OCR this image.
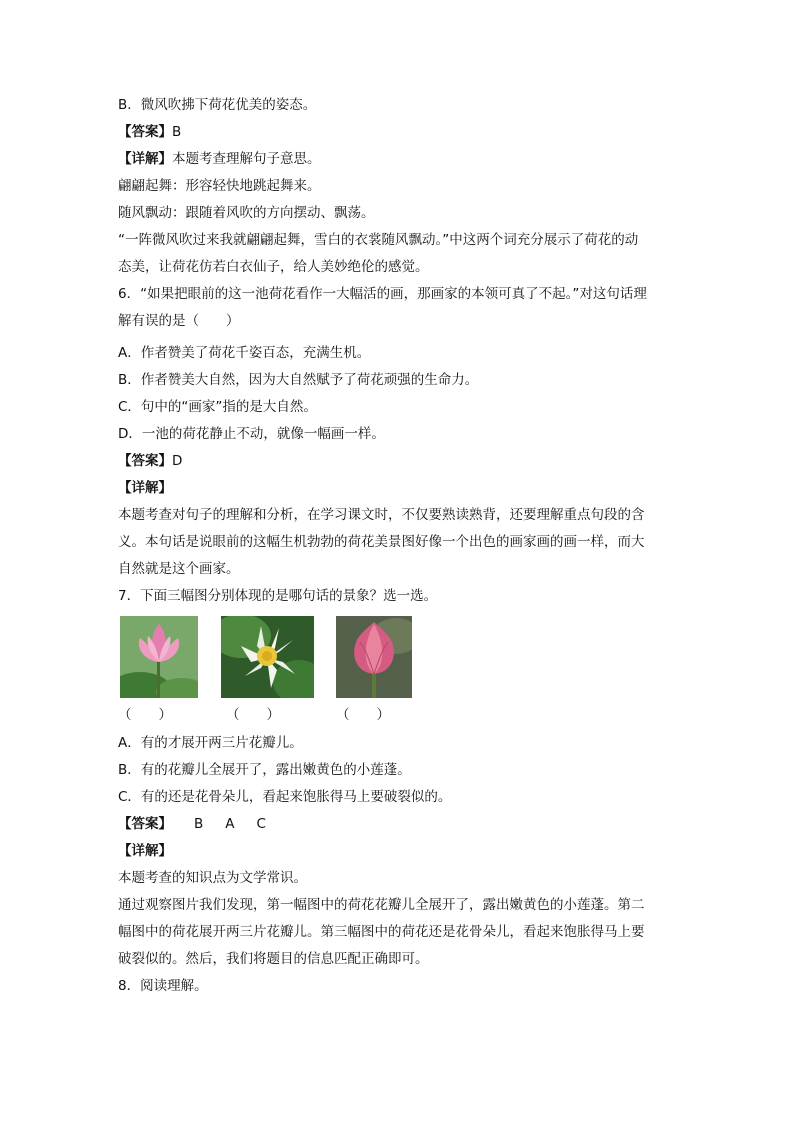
B．微风吹拂下荷花优美的姿态。
【答案】B
【详解】本题考查理解句子意思。
翩翩起舞：形容轻快地跳起舞来。
随风飘动：跟随着风吹的方向摆动、飘荡。
“一阵微风吹过来我就翩翩起舞，雪白的衣裳随风飘动。”中这两个词充分展示了荷花的动
态美，让荷花仿若白衣仙子，给人美妙绝伦的感觉。
6．“如果把眼前的这一池荷花看作一大幅活的画，那画家的本领可真了不起。”对这句话理
解有误的是（　　）
A．作者赞美了荷花千姿百态，充满生机。
B．作者赞美大自然，因为大自然赋予了荷花顽强的生命力。
C．句中的“画家”指的是大自然。
D．一池的荷花静止不动，就像一幅画一样。
【答案】D
【详解】
本题考查对句子的理解和分析，在学习课文时，不仅要熟读熟背，还要理解重点句段的含
义。本句话是说眼前的这幅生机勃勃的荷花美景图好像一个出色的画家画的画一样，而大
自然就是这个画家。
7．下面三幅图分别体现的是哪句话的景象？选一选。
（　　）	（　　）	（　　）
A．有的才展开两三片花瓣儿。
B．有的花瓣儿全展开了，露出嫩黄色的小莲蓬。
C．有的还是花骨朵儿，看起来饱胀得马上要破裂似的。
【答案】 B A C
【详解】
本题考查的知识点为文学常识。
通过观察图片我们发现，第一幅图中的荷花花瓣儿全展开了，露出嫩黄色的小莲蓬。第二
幅图中的荷花展开两三片花瓣儿。第三幅图中的荷花还是花骨朵儿，看起来饱胀得马上要
破裂似的。然后，我们将题目的信息匹配正确即可。
8．阅读理解。
